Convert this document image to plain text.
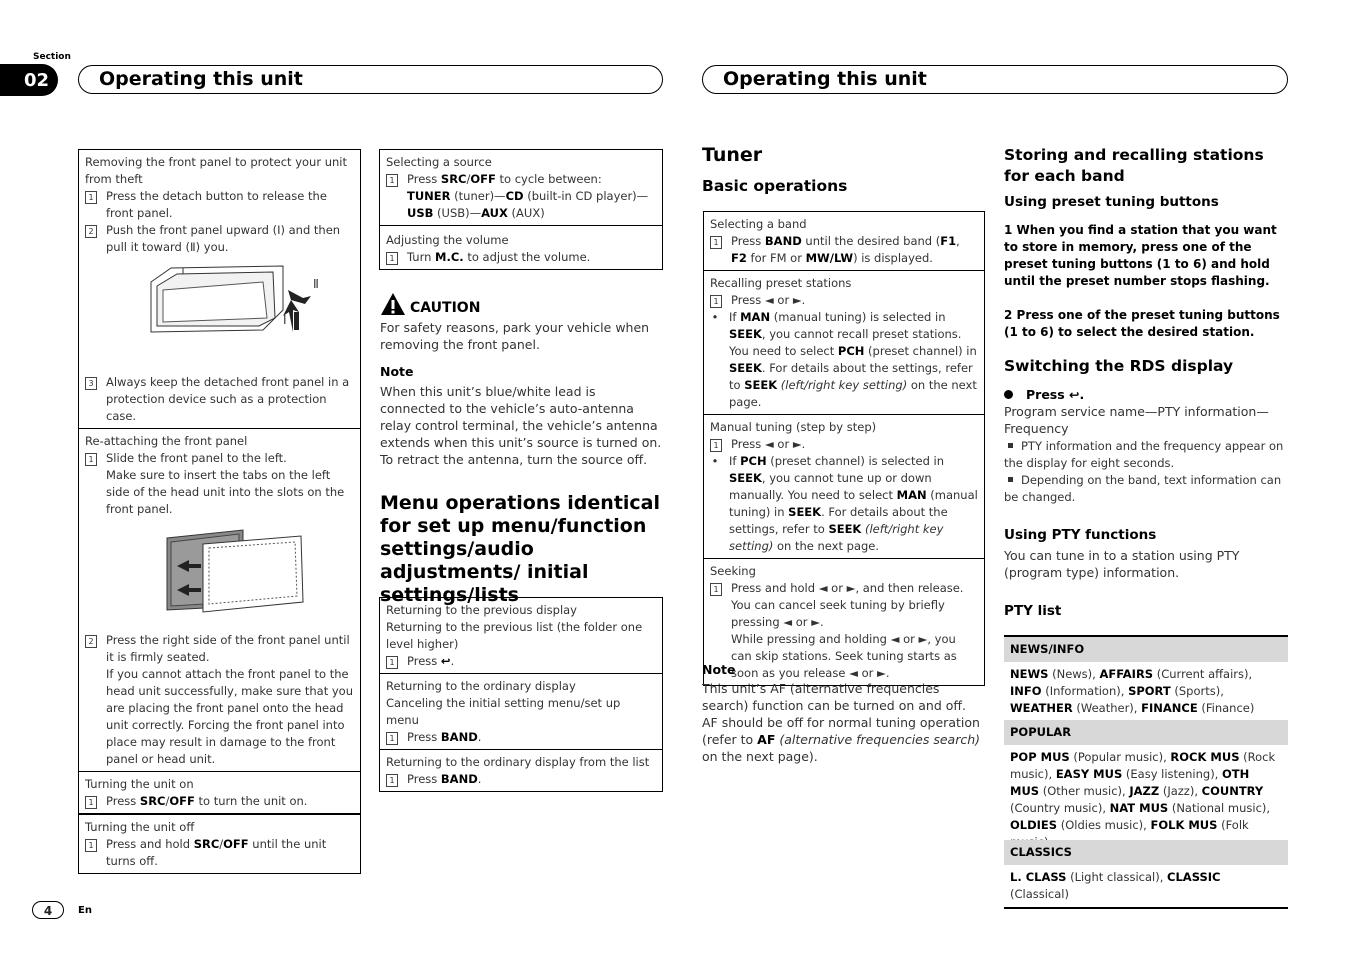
Section
02	Operating this unit	Operating this unit
Removing the front panel to protect your unit from theft
1	Press the detach button to release the front panel.
2	Push the front panel upward (Ⅰ) and then pull it toward (Ⅱ) you.
Ⅱ
Ⅰ
3	Always keep the detached front panel in a protection device such as a protection case.
Re-attaching the front panel
1	Slide the front panel to the left.
Make sure to insert the tabs on the left side of the head unit into the slots on the front panel.
2	Press the right side of the front panel until it is firmly seated.
If you cannot attach the front panel to the head unit successfully, make sure that you are placing the front panel onto the head unit correctly. Forcing the front panel into place may result in damage to the front panel or head unit.
Turning the unit on
1	Press SRC/OFF to turn the unit on.
Turning the unit off
1	Press and hold SRC/OFF until the unit turns off.
Selecting a source
1	Press SRC/OFF to cycle between:
TUNER (tuner)—CD (built-in CD player)—USB (USB)—AUX (AUX)
Adjusting the volume
1	Turn M.C. to adjust the volume.
CAUTION
For safety reasons, park your vehicle when removing the front panel.
Note
When this unit’s blue/white lead is connected to the vehicle’s auto-antenna relay control terminal, the vehicle’s antenna extends when this unit’s source is turned on. To retract the antenna, turn the source off.
Menu operations identical for set up menu/function settings/audio adjustments/ initial settings/lists
Returning to the previous display
Returning to the previous list (the folder one level higher)
1	Press ↩.
Returning to the ordinary display
Canceling the initial setting menu/set up menu
1	Press BAND.
Returning to the ordinary display from the list
1	Press BAND.
Tuner
Basic operations
Selecting a band
1	Press BAND until the desired band (F1, F2 for FM or MW/LW) is displayed.
Recalling preset stations
1	Press ◄ or ►.
• If MAN (manual tuning) is selected in SEEK, you cannot recall preset stations. You need to select PCH (preset channel) in SEEK. For details about the settings, refer to SEEK (left/right key setting) on the next page.
Manual tuning (step by step)
1	Press ◄ or ►.
• If PCH (preset channel) is selected in SEEK, you cannot tune up or down manually. You need to select MAN (manual tuning) in SEEK. For details about the settings, refer to SEEK (left/right key setting) on the next page.
Seeking
1	Press and hold ◄ or ►, and then release.
You can cancel seek tuning by briefly pressing ◄ or ►.
While pressing and holding ◄ or ►, you can skip stations. Seek tuning starts as soon as you release ◄ or ►.
Note
This unit’s AF (alternative frequencies search) function can be turned on and off. AF should be off for normal tuning operation (refer to AF (alternative frequencies search) on the next page).
Storing and recalling stations for each band
Using preset tuning buttons
1 When you find a station that you want to store in memory, press one of the preset tuning buttons (1 to 6) and hold until the preset number stops flashing.
2 Press one of the preset tuning buttons (1 to 6) to select the desired station.
Switching the RDS display
Press ↩.
Program service name—PTY information—Frequency
PTY information and the frequency appear on the display for eight seconds.
Depending on the band, text information can be changed.
Using PTY functions
You can tune in to a station using PTY (program type) information.
PTY list
NEWS/INFO
NEWS (News), AFFAIRS (Current affairs), INFO (Information), SPORT (Sports), WEATHER (Weather), FINANCE (Finance)
POPULAR
POP MUS (Popular music), ROCK MUS (Rock music), EASY MUS (Easy listening), OTH MUS (Other music), JAZZ (Jazz), COUNTRY (Country music), NAT MUS (National music), OLDIES (Oldies music), FOLK MUS (Folk
CLASSICS
L. CLASS (Light classical), CLASSIC (Classical)
4	En
